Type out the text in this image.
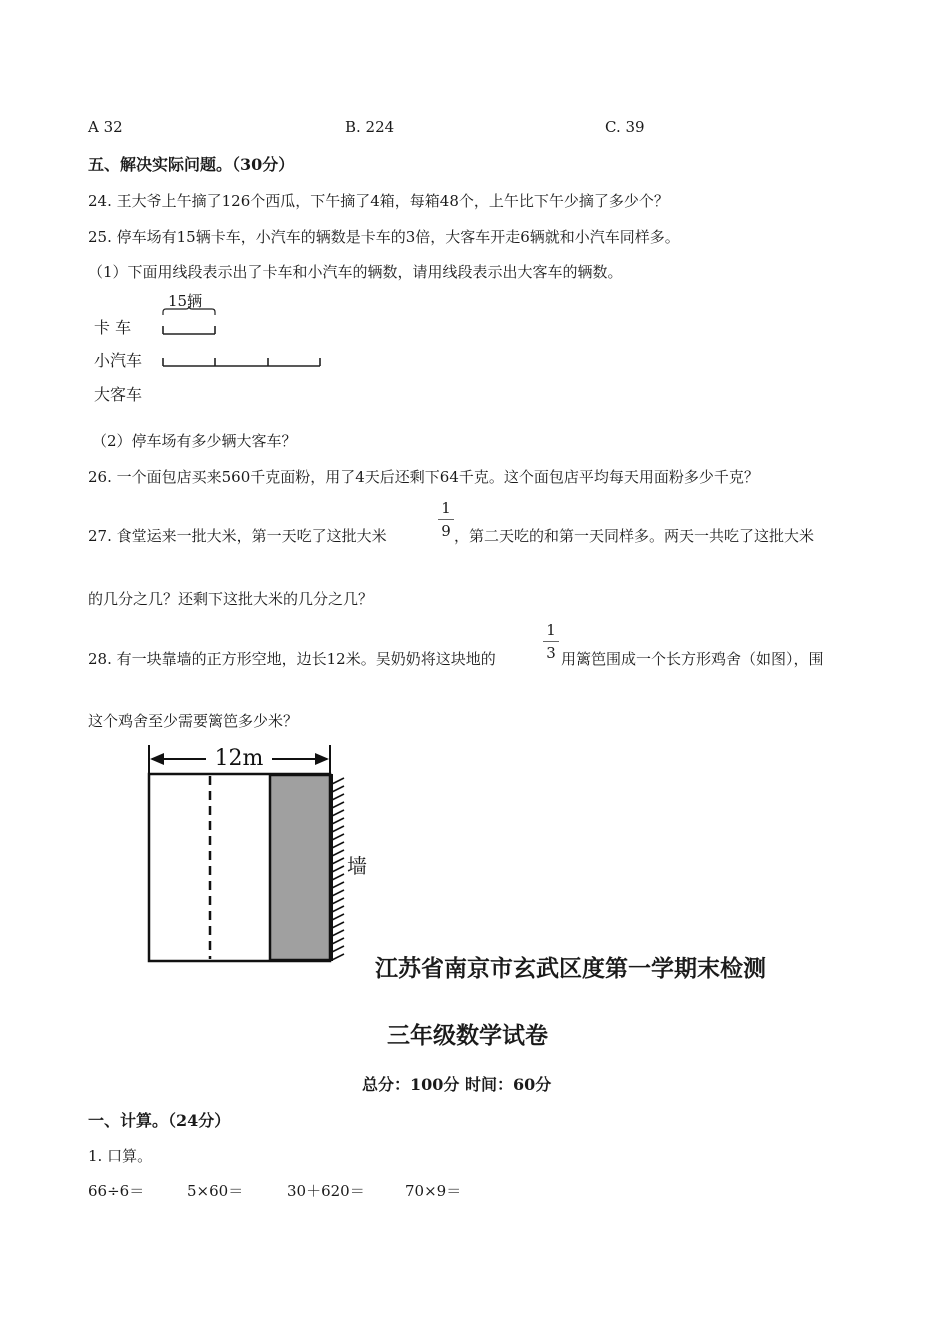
A 32	B. 224	C. 39
五、解决实际问题。（30分）
24. 王大爷上午摘了126个西瓜，下午摘了4箱，每箱48个，上午比下午少摘了多少个？
25. 停车场有15辆卡车，小汽车的辆数是卡车的3倍，大客车开走6辆就和小汽车同样多。
（1）下面用线段表示出了卡车和小汽车的辆数，请用线段表示出大客车的辆数。
15辆
卡 车
小汽车
大客车
（2）停车场有多少辆大客车？
26. 一个面包店买来560千克面粉，用了4天后还剩下64千克。这个面包店平均每天用面粉多少千克？
27. 食堂运来一批大米，第一天吃了这批大米
1
9 ，第二天吃的和第一天同样多。两天一共吃了这批大米
的几分之几？还剩下这批大米的几分之几？
28. 有一块靠墙的正方形空地，边长12米。吴奶奶将这块地的
1
3 用篱笆围成一个长方形鸡舍（如图），围
这个鸡舍至少需要篱笆多少米？
12m
墙
江苏省南京市玄武区度第一学期末检测
三年级数学试卷
总分：100分 时间：60分
一、计算。（24分）
1. 口算。
66÷6＝	5×60＝	30＋620＝	70×9＝
